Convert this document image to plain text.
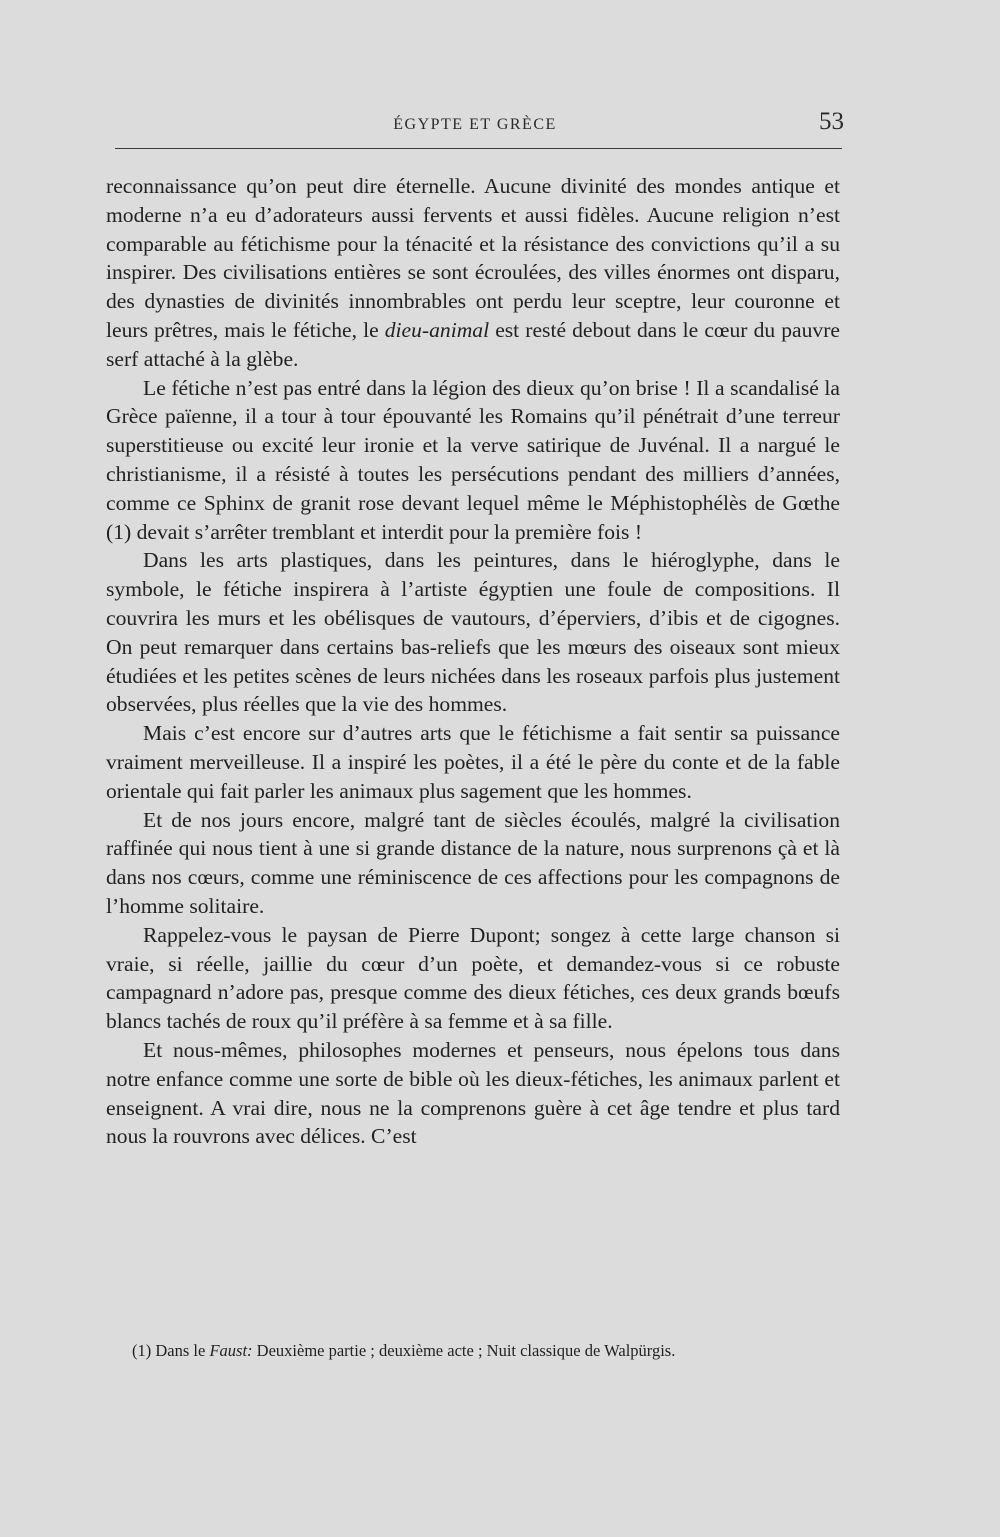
ÉGYPTE ET GRÈCE	53

reconnaissance qu’on peut dire éternelle. Aucune divinité des mondes antique et moderne n’a eu d’adorateurs aussi fervents et aussi fidèles. Aucune religion n’est comparable au fétichisme pour la ténacité et la résistance des convictions qu’il a su inspirer. Des civilisations entières se sont écroulées, des villes énormes ont disparu, des dynasties de divinités innombrables ont perdu leur sceptre, leur couronne et leurs prêtres, mais le fétiche, le dieu-animal est resté debout dans le cœur du pauvre serf attaché à la glèbe.

Le fétiche n’est pas entré dans la légion des dieux qu’on brise ! Il a scandalisé la Grèce païenne, il a tour à tour épouvanté les Romains qu’il pénétrait d’une terreur superstitieuse ou excité leur ironie et la verve satirique de Juvénal. Il a nargué le christianisme, il a résisté à toutes les persécutions pendant des milliers d’années, comme ce Sphinx de granit rose devant lequel même le Méphistophélès de Gœthe (1) devait s’arrêter tremblant et interdit pour la première fois !

Dans les arts plastiques, dans les peintures, dans le hiéroglyphe, dans le symbole, le fétiche inspirera à l’artiste égyptien une foule de compositions. Il couvrira les murs et les obélisques de vautours, d’éperviers, d’ibis et de cigognes. On peut remarquer dans certains bas-reliefs que les mœurs des oiseaux sont mieux étudiées et les petites scènes de leurs nichées dans les roseaux parfois plus justement observées, plus réelles que la vie des hommes.

Mais c’est encore sur d’autres arts que le fétichisme a fait sentir sa puissance vraiment merveilleuse. Il a inspiré les poètes, il a été le père du conte et de la fable orientale qui fait parler les animaux plus sagement que les hommes.

Et de nos jours encore, malgré tant de siècles écoulés, malgré la civilisation raffinée qui nous tient à une si grande distance de la nature, nous surprenons çà et là dans nos cœurs, comme une réminiscence de ces affections pour les compagnons de l’homme solitaire.

Rappelez-vous le paysan de Pierre Dupont; songez à cette large chanson si vraie, si réelle, jaillie du cœur d’un poète, et demandez-vous si ce robuste campagnard n’adore pas, presque comme des dieux fétiches, ces deux grands bœufs blancs tachés de roux qu’il préfère à sa femme et à sa fille.

Et nous-mêmes, philosophes modernes et penseurs, nous épelons tous dans notre enfance comme une sorte de bible où les dieux-fétiches, les animaux parlent et enseignent. A vrai dire, nous ne la comprenons guère à cet âge tendre et plus tard nous la rouvrons avec délices. C’est

(1) Dans le Faust: Deuxième partie ; deuxième acte ; Nuit classique de Walpürgis.
